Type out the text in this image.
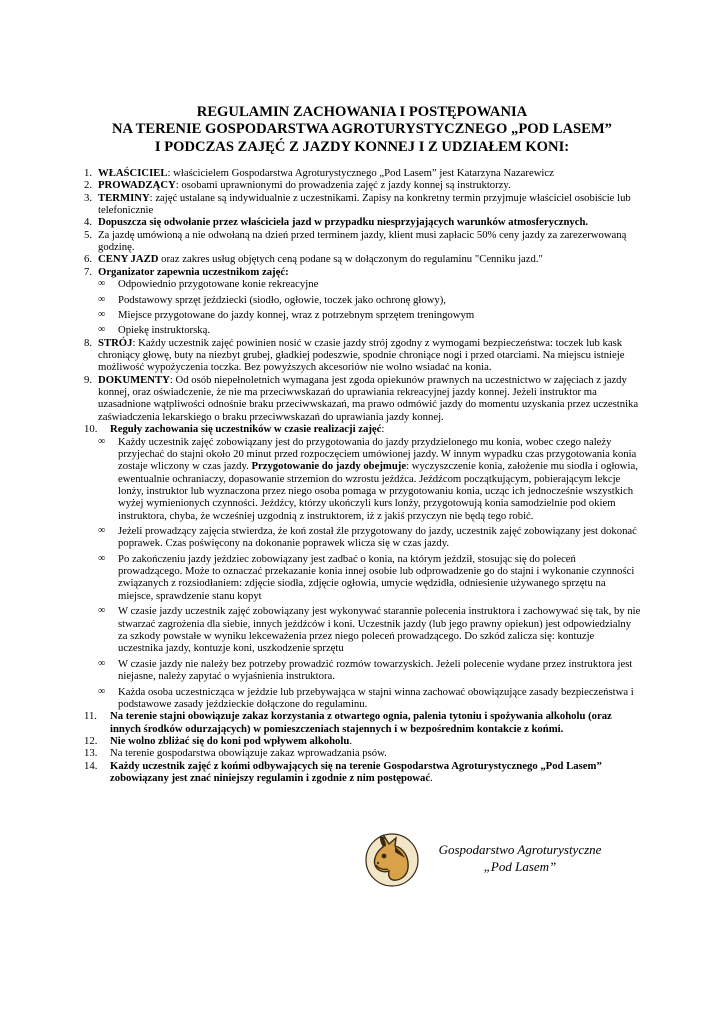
REGULAMIN ZACHOWANIA I POSTĘPOWANIA
NA TERENIE GOSPODARSTWA AGROTURYSTYCZNEGO „POD LASEM”
I PODCZAS ZAJĘĆ Z JAZDY KONNEJ I Z UDZIAŁEM KONI:
1. WŁAŚCICIEL: właścicielem Gospodarstwa Agroturystycznego „Pod Lasem” jest Katarzyna Nazarewicz
2. PROWADZĄCY: osobami uprawnionymi do prowadzenia zajęć z jazdy konnej są instruktorzy.
3. TERMINY: zajęć ustalane są indywidualnie z uczestnikami. Zapisy na konkretny termin przyjmuje właściciel osobiście lub telefonicznie
4. Dopuszcza się odwołanie przez właściciela jazd w przypadku niesprzyjających warunków atmosferycznych.
5. Za jazdę umówioną a nie odwołaną na dzień przed terminem jazdy, klient musi zapłacic 50% ceny jazdy za zarezerwowaną godzinę.
6. CENY JAZD oraz zakres usług objętych ceną podane są w dołączonym do regulaminu "Cenniku jazd."
7. Organizator zapewnia uczestnikom zajęć:
∞ Odpowiednio przygotowane konie rekreacyjne
∞ Podstawowy sprzęt jeździecki (siodło, ogłowie, toczek jako ochronę głowy),
∞ Miejsce przygotowane do jazdy konnej, wraz z potrzebnym sprzętem treningowym
∞ Opiekę instruktorską.
8. STRÓJ: Każdy uczestnik zajęć powinien nosić w czasie jazdy strój zgodny z wymogami bezpieczeństwa: toczek lub kask chroniący głowę, buty na niezbyt grubej, gładkiej podeszwie, spodnie chroniące nogi i przed otarciami. Na miejscu istnieje możliwość wypożyczenia toczka. Bez powyższych akcesoriów nie wolno wsiadać na konia.
9. DOKUMENTY: Od osób niepełnoletnich wymagana jest zgoda opiekunów prawnych na uczestnictwo w zajęciach z jazdy konnej, oraz oświadczenie, że nie ma przeciwwskazań do uprawiania rekreacyjnej jazdy konnej. Jeżeli instruktor ma uzasadnione wątpliwości odnośnie braku przeciwwskazań, ma prawo odmówić jazdy do momentu uzyskania przez uczestnika zaświadczenia lekarskiego o braku przeciwwskazań do uprawiania jazdy konnej.
10. Reguły zachowania się uczestników w czasie realizacji zajęć:
∞ Każdy uczestnik zajęć zobowiązany jest do przygotowania do jazdy przydzielonego mu konia, wobec czego należy przyjechać do stajni około 20 minut przed rozpoczęciem umówionej jazdy. W innym wypadku czas przygotowania konia zostaje wliczony w czas jazdy. Przygotowanie do jazdy obejmuje: wyczyszczenie konia, założenie mu siodła i ogłowia, ewentualnie ochraniaczy, dopasowanie strzemion do wzrostu jeźdźca. Jeźdźcom początkującym, pobierającym lekcje lonży, instruktor lub wyznaczona przez niego osoba pomaga w przygotowaniu konia, ucząc ich jednocześnie wszystkich wyżej wymienionych czynności. Jeźdźcy, którzy ukończyli kurs lonży, przygotowują konia samodzielnie pod okiem instruktora, chyba, że wcześniej uzgodnią z instruktorem, iż z jakiś przyczyn nie będą tego robić.
∞ Jeżeli prowadzący zajęcia stwierdza, że koń został źle przygotowany do jazdy, uczestnik zajęć zobowiązany jest dokonać poprawek. Czas poświęcony na dokonanie poprawek wlicza się w czas jazdy.
∞ Po zakończeniu jazdy jeździec zobowiązany jest zadbać o konia, na którym jeździł, stosując się do poleceń prowadzącego. Może to oznaczać przekazanie konia innej osobie lub odprowadzenie go do stajni i wykonanie czynności związanych z rozsiodłaniem: zdjęcie siodła, zdjęcie ogłowia, umycie wędzidła, odniesienie używanego sprzętu na miejsce, sprawdzenie stanu kopyt
∞ W czasie jazdy uczestnik zajęć zobowiązany jest wykonywać starannie polecenia instruktora i zachowywać się tak, by nie stwarzać zagrożenia dla siebie, innych jeźdźców i koni. Uczestnik jazdy (lub jego prawny opiekun) jest odpowiedzialny za szkody powstałe w wyniku lekceważenia przez niego poleceń prowadzącego. Do szkód zalicza się: kontuzje uczestnika jazdy, kontuzje koni, uszkodzenie sprzętu
∞ W czasie jazdy nie należy bez potrzeby prowadzić rozmów towarzyskich. Jeżeli polecenie wydane przez instruktora jest niejasne, należy zapytać o wyjaśnienia instruktora.
∞ Każda osoba uczestnicząca w jeździe lub przebywająca w stajni winna zachować obowiązujące zasady bezpieczeństwa i podstawowe zasady jeździeckie dołączone do regulaminu.
11. Na terenie stajni obowiązuje zakaz korzystania z otwartego ognia, palenia tytoniu i spożywania alkoholu (oraz innych środków odurzających) w pomieszczeniach stajennych i w bezpośrednim kontakcie z końmi.
12. Nie wolno zbliżać się do koni pod wpływem alkoholu.
13. Na terenie gospodarstwa obowiązuje zakaz wprowadzania psów.
14. Każdy uczestnik zajęć z końmi odbywających się na terenie Gospodarstwa Agroturystycznego „Pod Lasem” zobowiązany jest znać niniejszy regulamin i zgodnie z nim postępować.
Gospodarstwo Agroturystyczne
„Pod Lasem”
